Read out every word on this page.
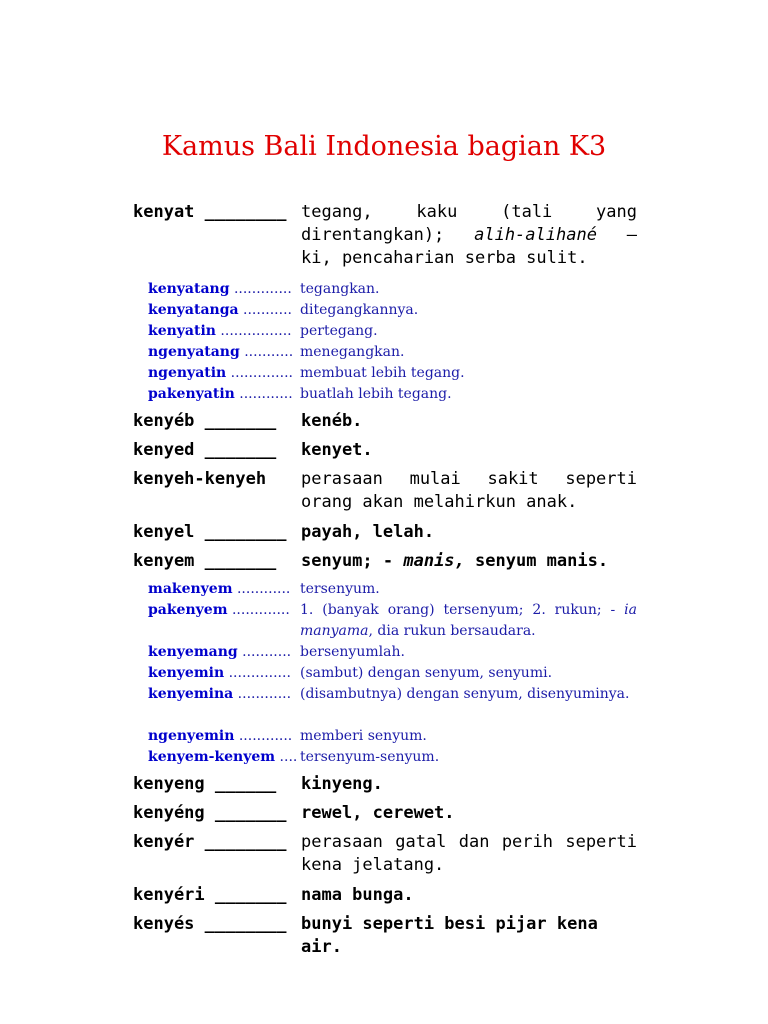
Kamus Bali Indonesia bagian K3
kenyat ________ tegang, kaku (tali yang direntangkan); alih-alihané — ki, pencaharian serba sulit.
kenyatang ............. tegangkan.
kenyatanga ........... ditegangkannya.
kenyatin ................ pertegang.
ngenyatang ........... menegangkan.
ngenyatin .............. membuat lebih tegang.
pakenyatin ............ buatlah lebih tegang.
kenyéb _______ kenéb.
kenyed _______ kenyet.
kenyeh-kenyeh perasaan mulai sakit seperti orang akan melahirkun anak.
kenyel ________ payah, lelah.
kenyem _______ senyum; - manis, senyum manis.
makenyem ............ tersenyum.
pakenyem ............. 1. (banyak orang) tersenyum; 2. rukun; - ia manyama, dia rukun bersaudara.
kenyemang ........... bersenyumlah.
kenyemin .............. (sambut) dengan senyum, senyumi.
kenyemina ............ (disambutnya) dengan senyum, disenyuminya.
ngenyemin ............ memberi senyum.
kenyem-kenyem .... tersenyum-senyum.
kenyeng ______ kinyeng.
kenyéng _______ rewel, cerewet.
kenyér ________ perasaan gatal dan perih seperti kena jelatang.
kenyéri _______ nama bunga.
kenyés ________ bunyi seperti besi pijar kena air.
